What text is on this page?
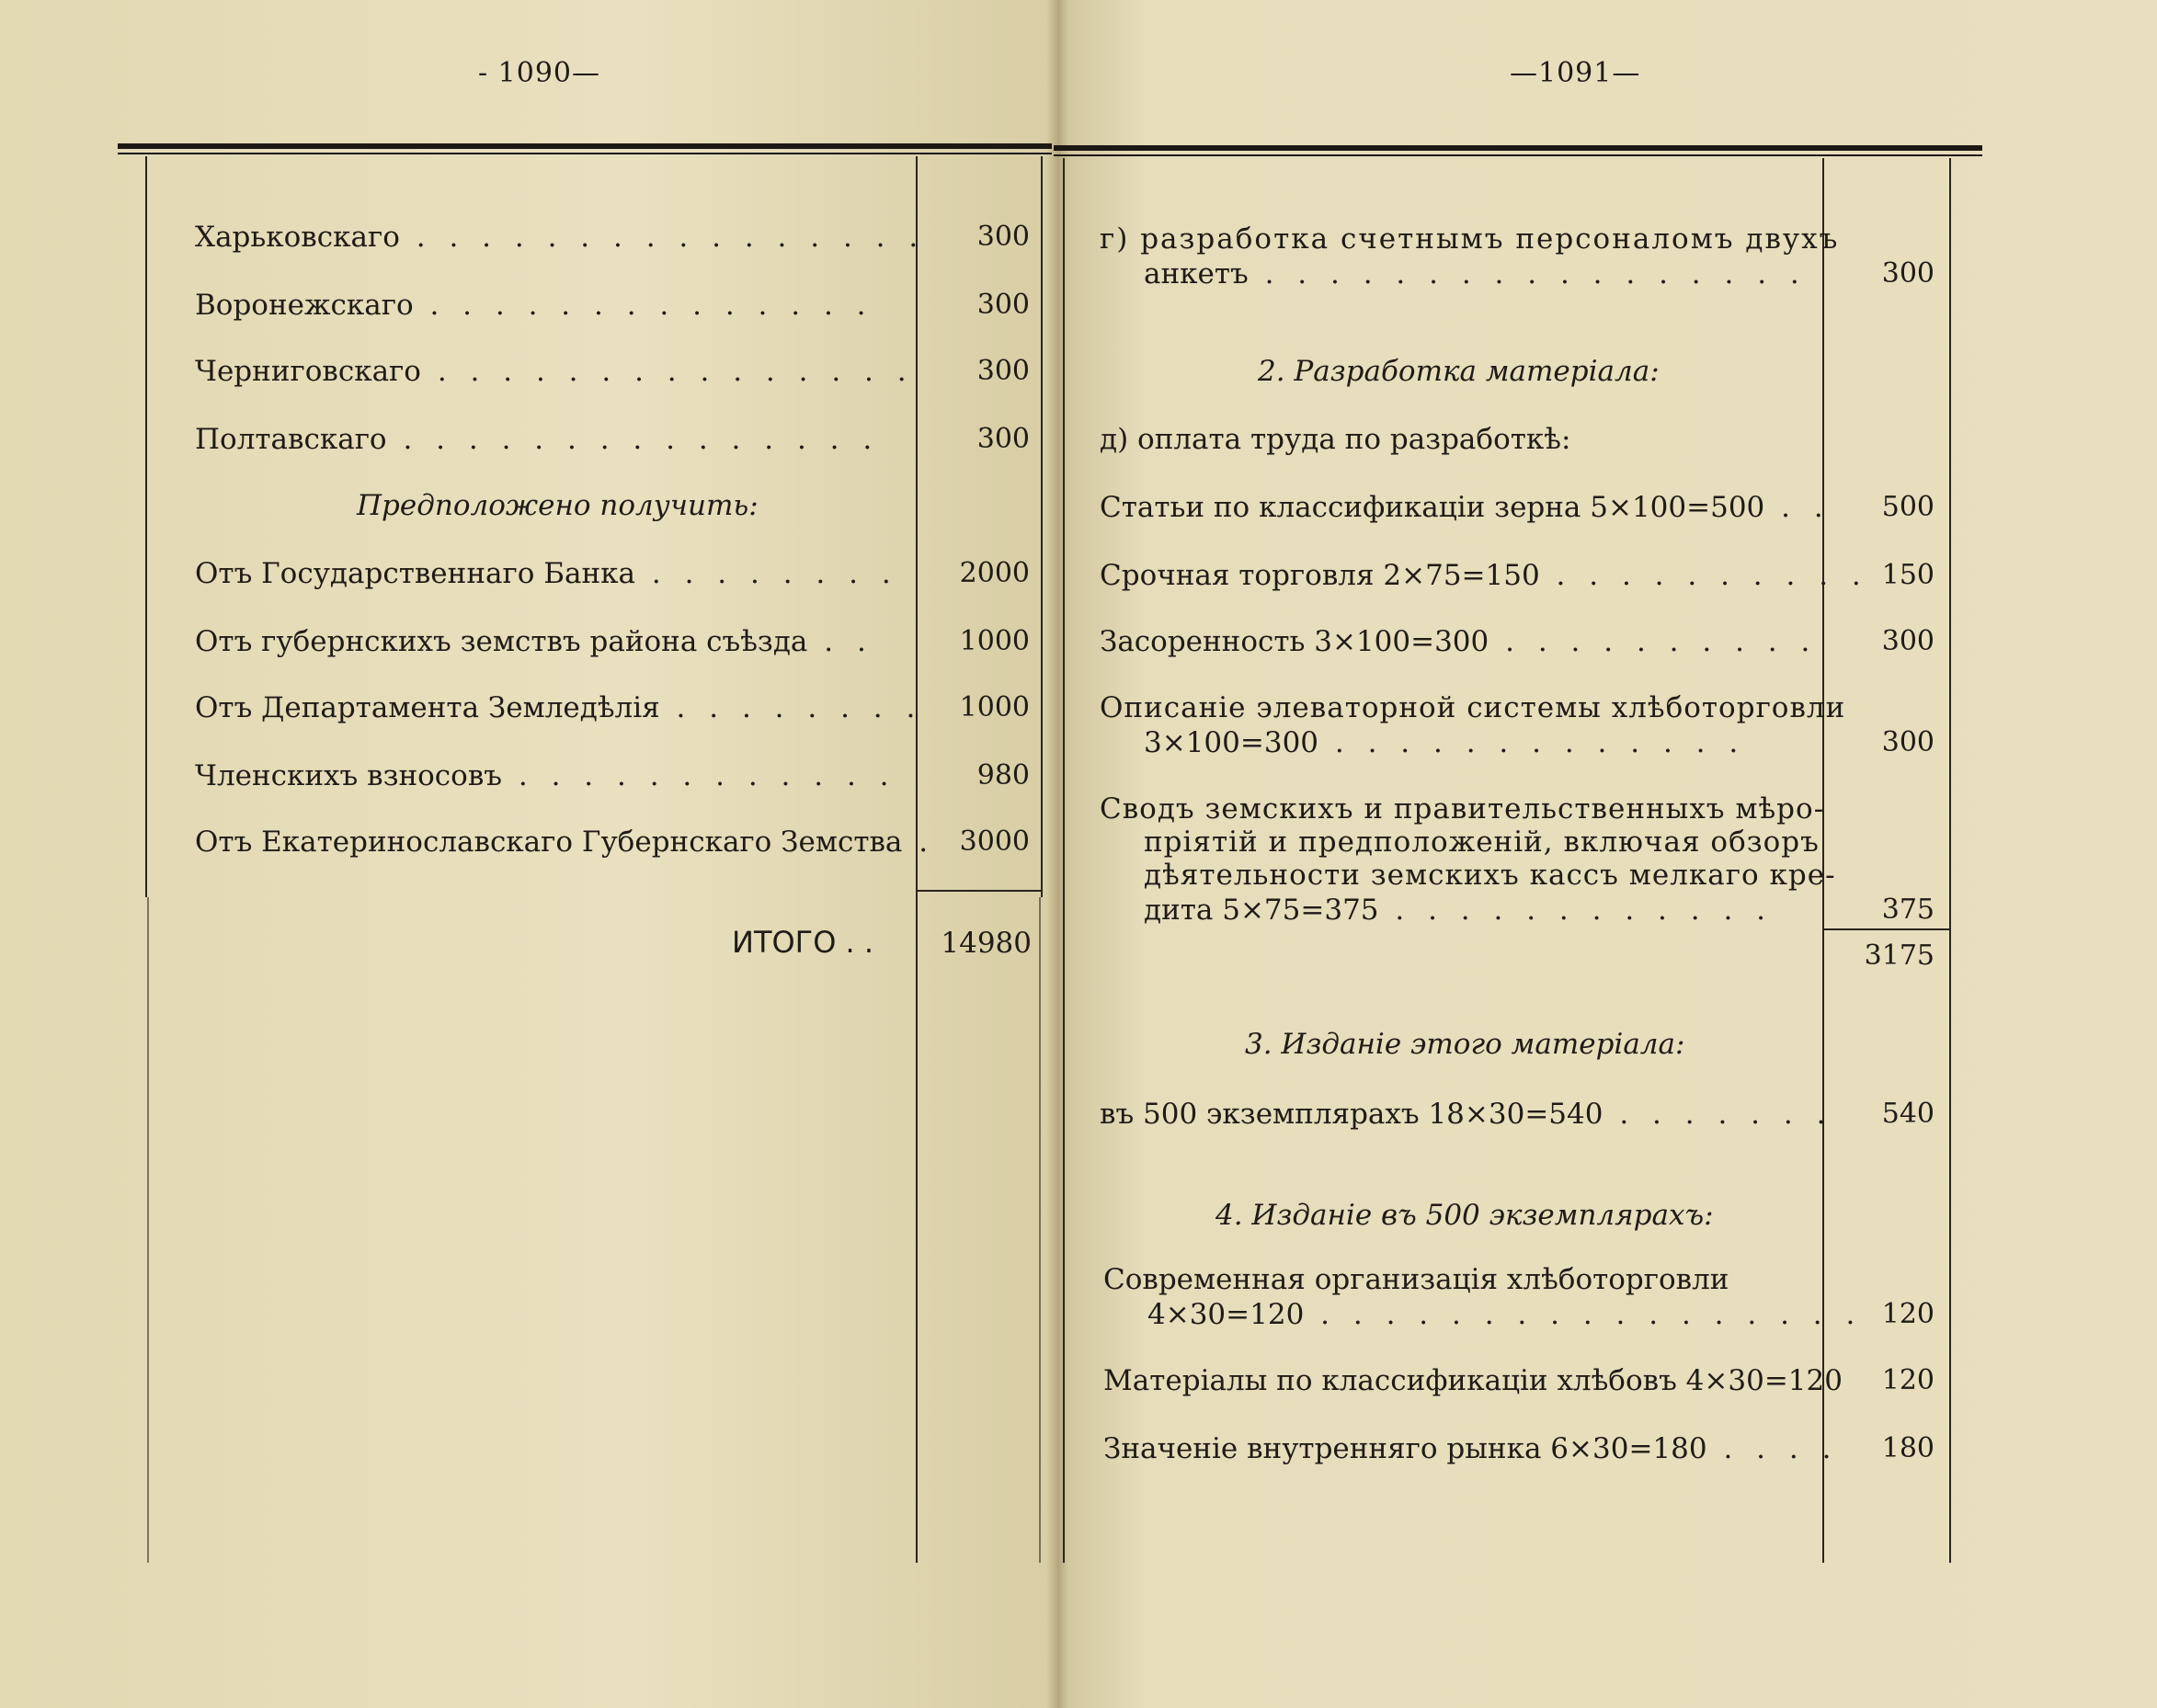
- 1090—	—1091—
Харьковскаго . . . . . . . . . . . . . . . .	300
Воронежскаго . . . . . . . . . . . . . .	300
Черниговскаго . . . . . . . . . . . . . . .	300
Полтавскаго . . . . . . . . . . . . . . .	300
Предположено получить:
Отъ Государственнаго Банка . . . . . . . .	2000
Отъ губернскихъ земствъ района съѣзда . .	1000
Отъ Департамента Земледѣлія . . . . . . . .	1000
Членскихъ взносовъ . . . . . . . . . . . .	980
Отъ Екатеринославскаго Губернскаго Земства . 3000
ИТОГО . .	14980
г) разработка счетнымъ персоналомъ двухъ
анкетъ . . . . . . . . . . . . . . . . .	300
2. Разработка матеріала:
д) оплата труда по разработкѣ:
Статьи по классификаціи зерна 5×100=500 . .	500
Срочная торговля 2×75=150 . . . . . . . . . . 150
Засоренность 3×100=300 . . . . . . . . . .	300
Описаніе элеваторной системы хлѣботорговли
3×100=300 . . . . . . . . . . . . .	300
Сводъ земскихъ и правительственныхъ мѣро-
пріятій и предположеній, включая обзоръ
дѣятельности земскихъ кассъ мелкаго кре-
дита 5×75=375 . . . . . . . . . . . .	375
3175
3. Изданіе этого матеріала:
въ 500 экземплярахъ 18×30=540 . . . . . . .	540
4. Изданіе въ 500 экземплярахъ:
Современная организація хлѣботорговли
4×30=120 . . . . . . . . . . . . . . . . . 120
Матеріалы по классификаціи хлѣбовъ 4×30=120	120
Значеніе внутренняго рынка 6×30=180 . . . .	180
